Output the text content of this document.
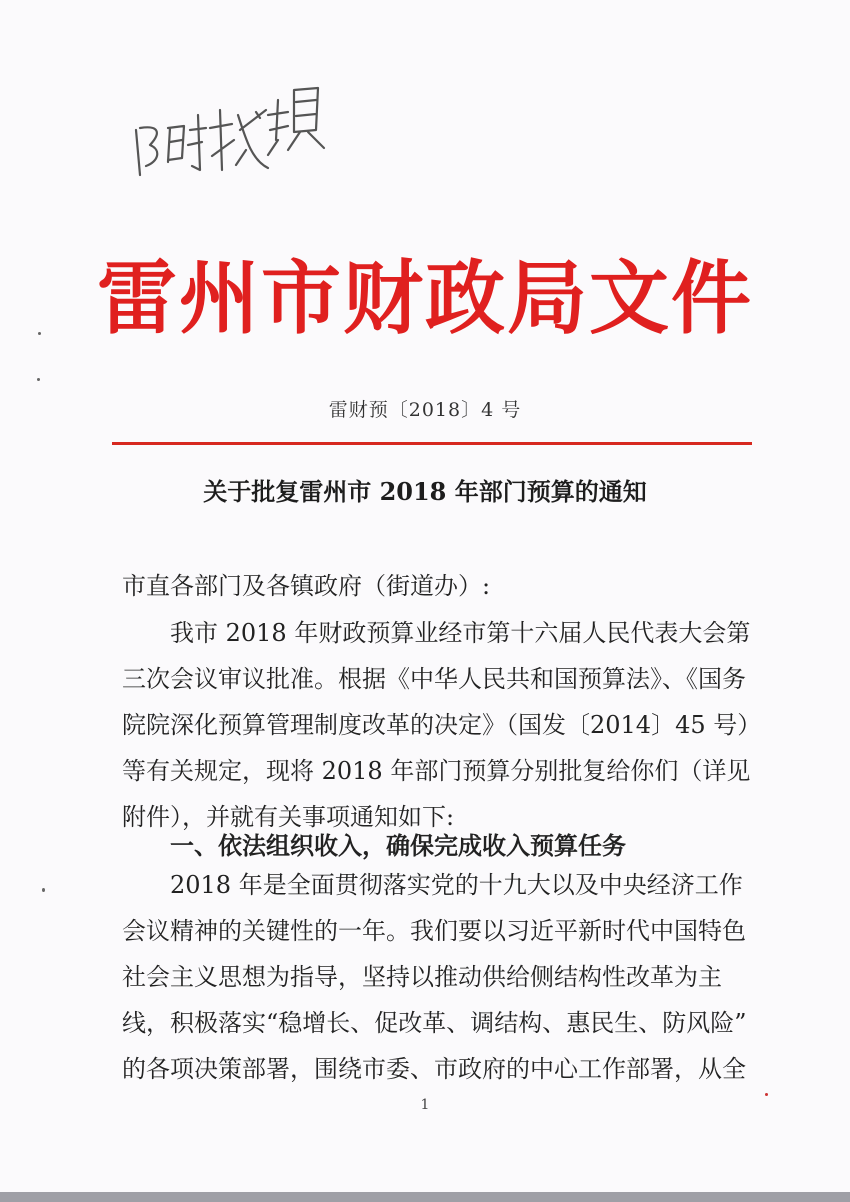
雷州市财政局文件
雷财预〔2018〕4 号
关于批复雷州市 2018 年部门预算的通知
市直各部门及各镇政府（街道办）:
　　我市 2018 年财政预算业经市第十六届人民代表大会第
三次会议审议批准。根据《中华人民共和国预算法》、《国务
院院深化预算管理制度改革的决定》（国发〔2014〕45 号）
等有关规定，现将 2018 年部门预算分别批复给你们（详见
附件），并就有关事项通知如下:
一、依法组织收入，确保完成收入预算任务
　　2018 年是全面贯彻落实党的十九大以及中央经济工作
会议精神的关键性的一年。我们要以习近平新时代中国特色
社会主义思想为指导，坚持以推动供给侧结构性改革为主
线，积极落实“稳增长、促改革、调结构、惠民生、防风险”
的各项决策部署，围绕市委、市政府的中心工作部署，从全
1
